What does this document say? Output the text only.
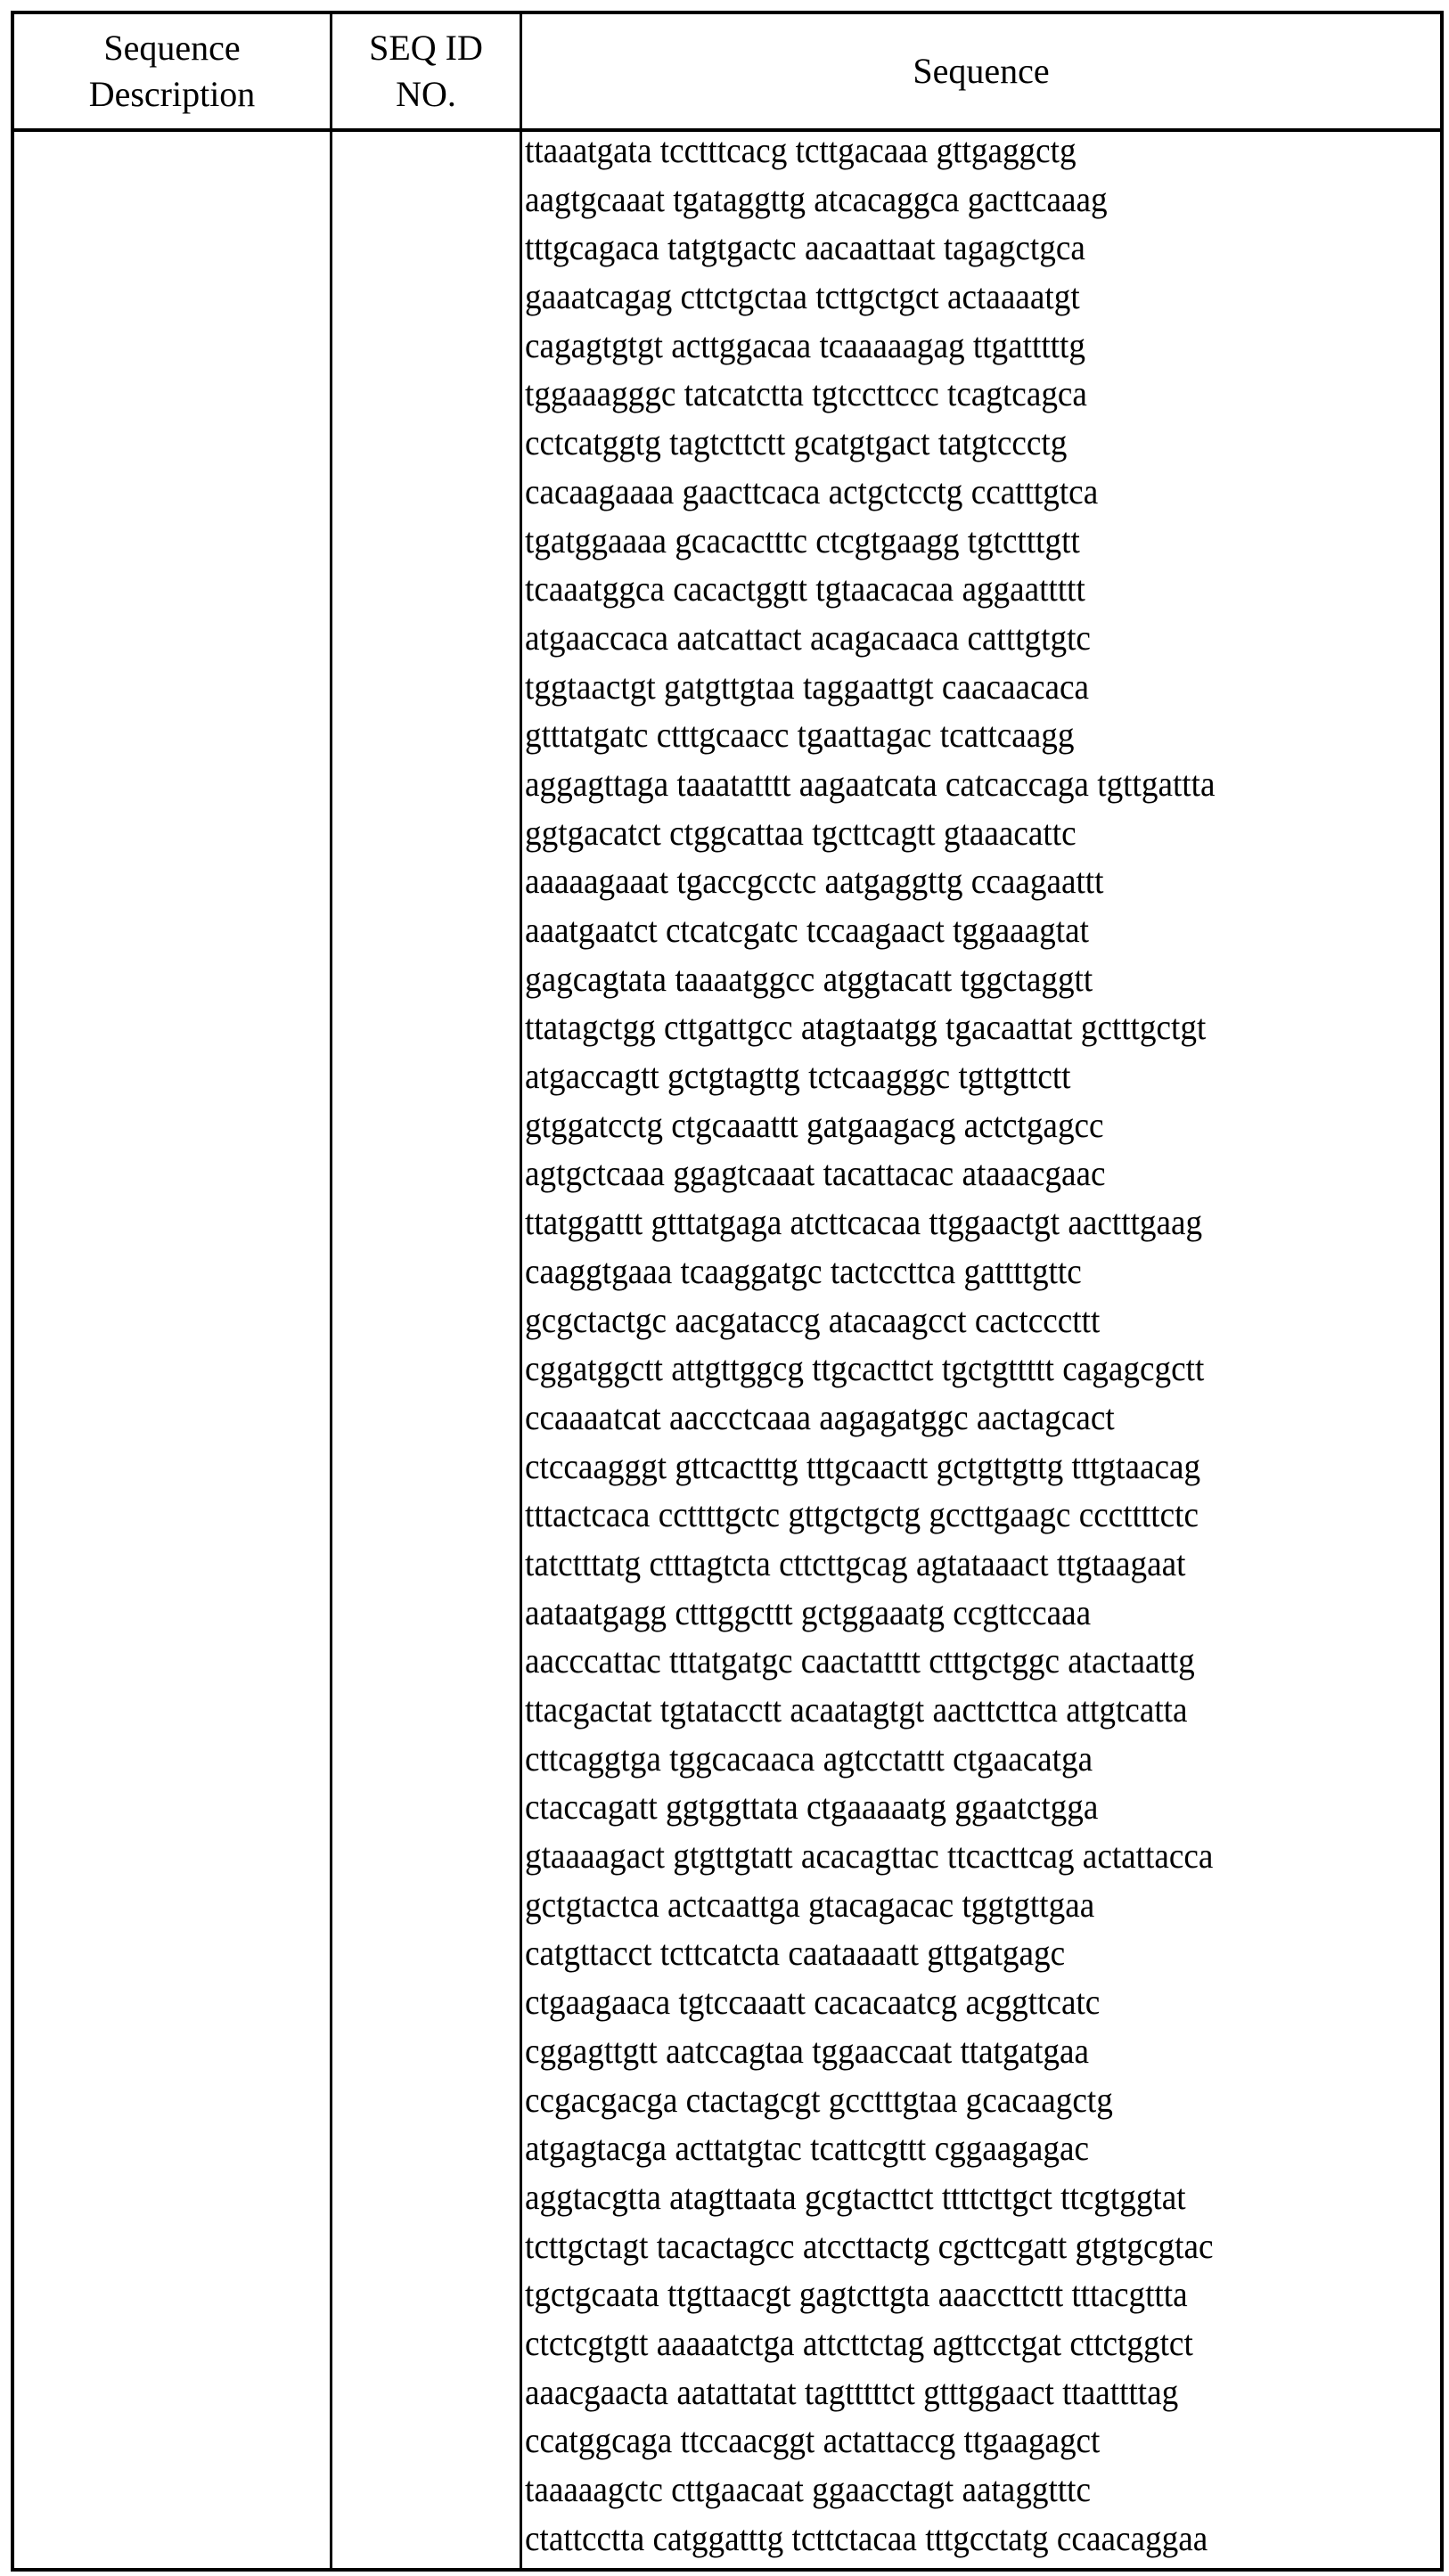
Sequence
Description
SEQ ID
NO.
Sequence
ttaaatgata tcctttcacg tcttgacaaa gttgaggctg
aagtgcaaat tgataggttg atcacaggca gacttcaaag
tttgcagaca tatgtgactc aacaattaat tagagctgca
gaaatcagag cttctgctaa tcttgctgct actaaaatgt
cagagtgtgt acttggacaa tcaaaaagag ttgatttttg
tggaaagggc tatcatctta tgtccttccc tcagtcagca
cctcatggtg tagtcttctt gcatgtgact tatgtccctg
cacaagaaaa gaacttcaca actgctcctg ccatttgtca
tgatggaaaa gcacactttc ctcgtgaagg tgtctttgtt
tcaaatggca cacactggtt tgtaacacaa aggaattttt
atgaaccaca aatcattact acagacaaca catttgtgtc
tggtaactgt gatgttgtaa taggaattgt caacaacaca
gtttatgatc ctttgcaacc tgaattagac tcattcaagg
aggagttaga taaatatttt aagaatcata catcaccaga tgttgattta
ggtgacatct ctggcattaa tgcttcagtt gtaaacattc
aaaaagaaat tgaccgcctc aatgaggttg ccaagaattt
aaatgaatct ctcatcgatc tccaagaact tggaaagtat
gagcagtata taaaatggcc atggtacatt tggctaggtt
ttatagctgg cttgattgcc atagtaatgg tgacaattat gctttgctgt
atgaccagtt gctgtagttg tctcaagggc tgttgttctt
gtggatcctg ctgcaaattt gatgaagacg actctgagcc
agtgctcaaa ggagtcaaat tacattacac ataaacgaac
ttatggattt gtttatgaga atcttcacaa ttggaactgt aactttgaag
caaggtgaaa tcaaggatgc tactccttca gattttgttc
gcgctactgc aacgataccg atacaagcct cactcccttt
cggatggctt attgttggcg ttgcacttct tgctgttttt cagagcgctt
ccaaaatcat aaccctcaaa aagagatggc aactagcact
ctccaagggt gttcactttg tttgcaactt gctgttgttg tttgtaacag
tttactcaca ccttttgctc gttgctgctg gccttgaagc cccttttctc
tatctttatg ctttagtcta cttcttgcag agtataaact ttgtaagaat
aataatgagg ctttggcttt gctggaaatg ccgttccaaa
aacccattac tttatgatgc caactatttt ctttgctggc atactaattg
ttacgactat tgtatacctt acaatagtgt aacttcttca attgtcatta
cttcaggtga tggcacaaca agtcctattt ctgaacatga
ctaccagatt ggtggttata ctgaaaaatg ggaatctgga
gtaaaagact gtgttgtatt acacagttac ttcacttcag actattacca
gctgtactca actcaattga gtacagacac tggtgttgaa
catgttacct tcttcatcta caataaaatt gttgatgagc
ctgaagaaca tgtccaaatt cacacaatcg acggttcatc
cggagttgtt aatccagtaa tggaaccaat ttatgatgaa
ccgacgacga ctactagcgt gcctttgtaa gcacaagctg
atgagtacga acttatgtac tcattcgttt cggaagagac
aggtacgtta atagttaata gcgtacttct ttttcttgct ttcgtggtat
tcttgctagt tacactagcc atccttactg cgcttcgatt gtgtgcgtac
tgctgcaata ttgttaacgt gagtcttgta aaaccttctt tttacgttta
ctctcgtgtt aaaaatctga attcttctag agttcctgat cttctggtct
aaacgaacta aatattatat tagtttttct gtttggaact ttaattttag
ccatggcaga ttccaacggt actattaccg ttgaagagct
taaaaagctc cttgaacaat ggaacctagt aataggtttc
ctattcctta catggatttg tcttctacaa tttgcctatg ccaacaggaa
